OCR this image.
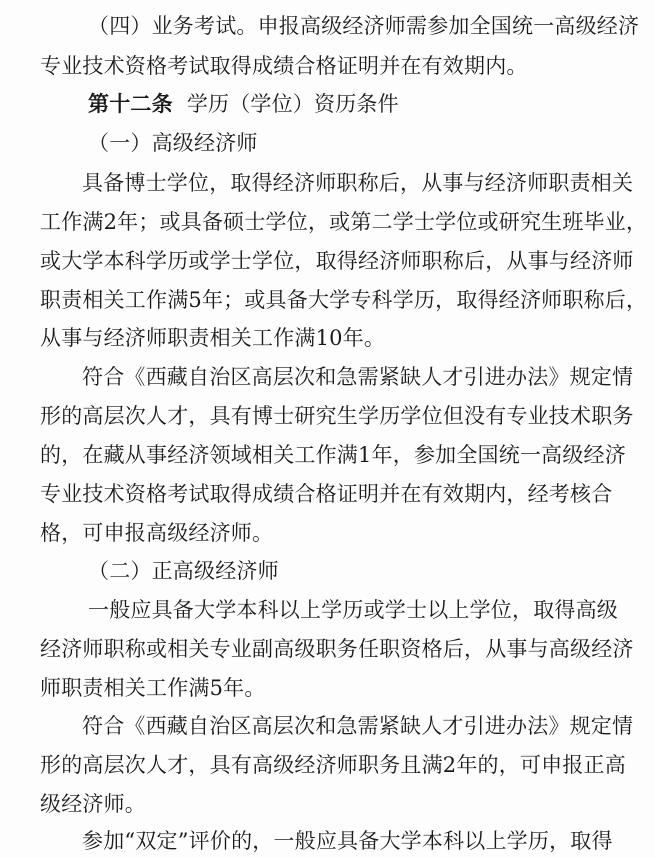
（四）业务考试。申报高级经济师需参加全国统一高级经济
专业技术资格考试取得成绩合格证明并在有效期内。
第十二条 学历（学位）资历条件
（一）高级经济师
具备博士学位，取得经济师职称后，从事与经济师职责相关
工作满2年；或具备硕士学位，或第二学士学位或研究生班毕业，
或大学本科学历或学士学位，取得经济师职称后，从事与经济师
职责相关工作满5年；或具备大学专科学历，取得经济师职称后，
从事与经济师职责相关工作满10年。
符合《西藏自治区高层次和急需紧缺人才引进办法》规定情
形的高层次人才，具有博士研究生学历学位但没有专业技术职务
的，在藏从事经济领域相关工作满1年，参加全国统一高级经济
专业技术资格考试取得成绩合格证明并在有效期内，经考核合
格，可申报高级经济师。
（二）正高级经济师
一般应具备大学本科以上学历或学士以上学位，取得高级
经济师职称或相关专业副高级职务任职资格后，从事与高级经济
师职责相关工作满5年。
符合《西藏自治区高层次和急需紧缺人才引进办法》规定情
形的高层次人才，具有高级经济师职务且满2年的，可申报正高
级经济师。
参加“双定”评价的，一般应具备大学本科以上学历，取得
